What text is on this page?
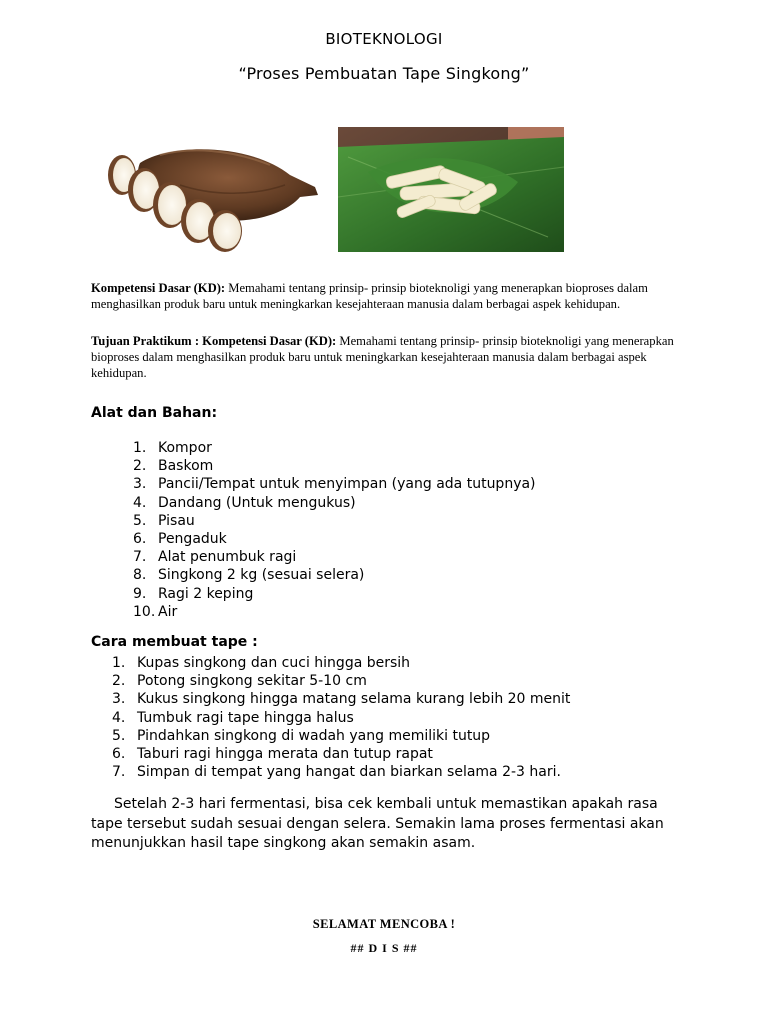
BIOTEKNOLOGI
“Proses Pembuatan Tape Singkong”
Kompetensi Dasar (KD): Memahami tentang prinsip- prinsip bioteknoligi yang menerapkan bioproses dalam menghasilkan produk baru untuk meningkarkan kesejahteraan manusia dalam berbagai aspek kehidupan.
Tujuan Praktikum : Kompetensi Dasar (KD): Memahami tentang prinsip- prinsip bioteknoligi yang menerapkan bioproses dalam menghasilkan produk baru untuk meningkarkan kesejahteraan manusia dalam berbagai aspek kehidupan.
Alat dan Bahan:
1. Kompor
2. Baskom
3. Pancii/Tempat untuk menyimpan (yang ada tutupnya)
4. Dandang (Untuk mengukus)
5. Pisau
6. Pengaduk
7. Alat penumbuk ragi
8. Singkong 2 kg (sesuai selera)
9. Ragi 2 keping
10. Air
Cara membuat tape :
1. Kupas singkong dan cuci hingga bersih
2. Potong singkong sekitar 5-10 cm
3. Kukus singkong hingga matang selama kurang lebih 20 menit
4. Tumbuk ragi tape hingga halus
5. Pindahkan singkong di wadah yang memiliki tutup
6. Taburi ragi hingga merata dan tutup rapat
7. Simpan di tempat yang hangat dan biarkan selama 2-3 hari.
Setelah 2-3 hari fermentasi, bisa cek kembali untuk memastikan apakah rasa tape tersebut sudah sesuai dengan selera. Semakin lama proses fermentasi akan menunjukkan hasil tape singkong akan semakin asam.
SELAMAT MENCOBA !
## D I S ##
